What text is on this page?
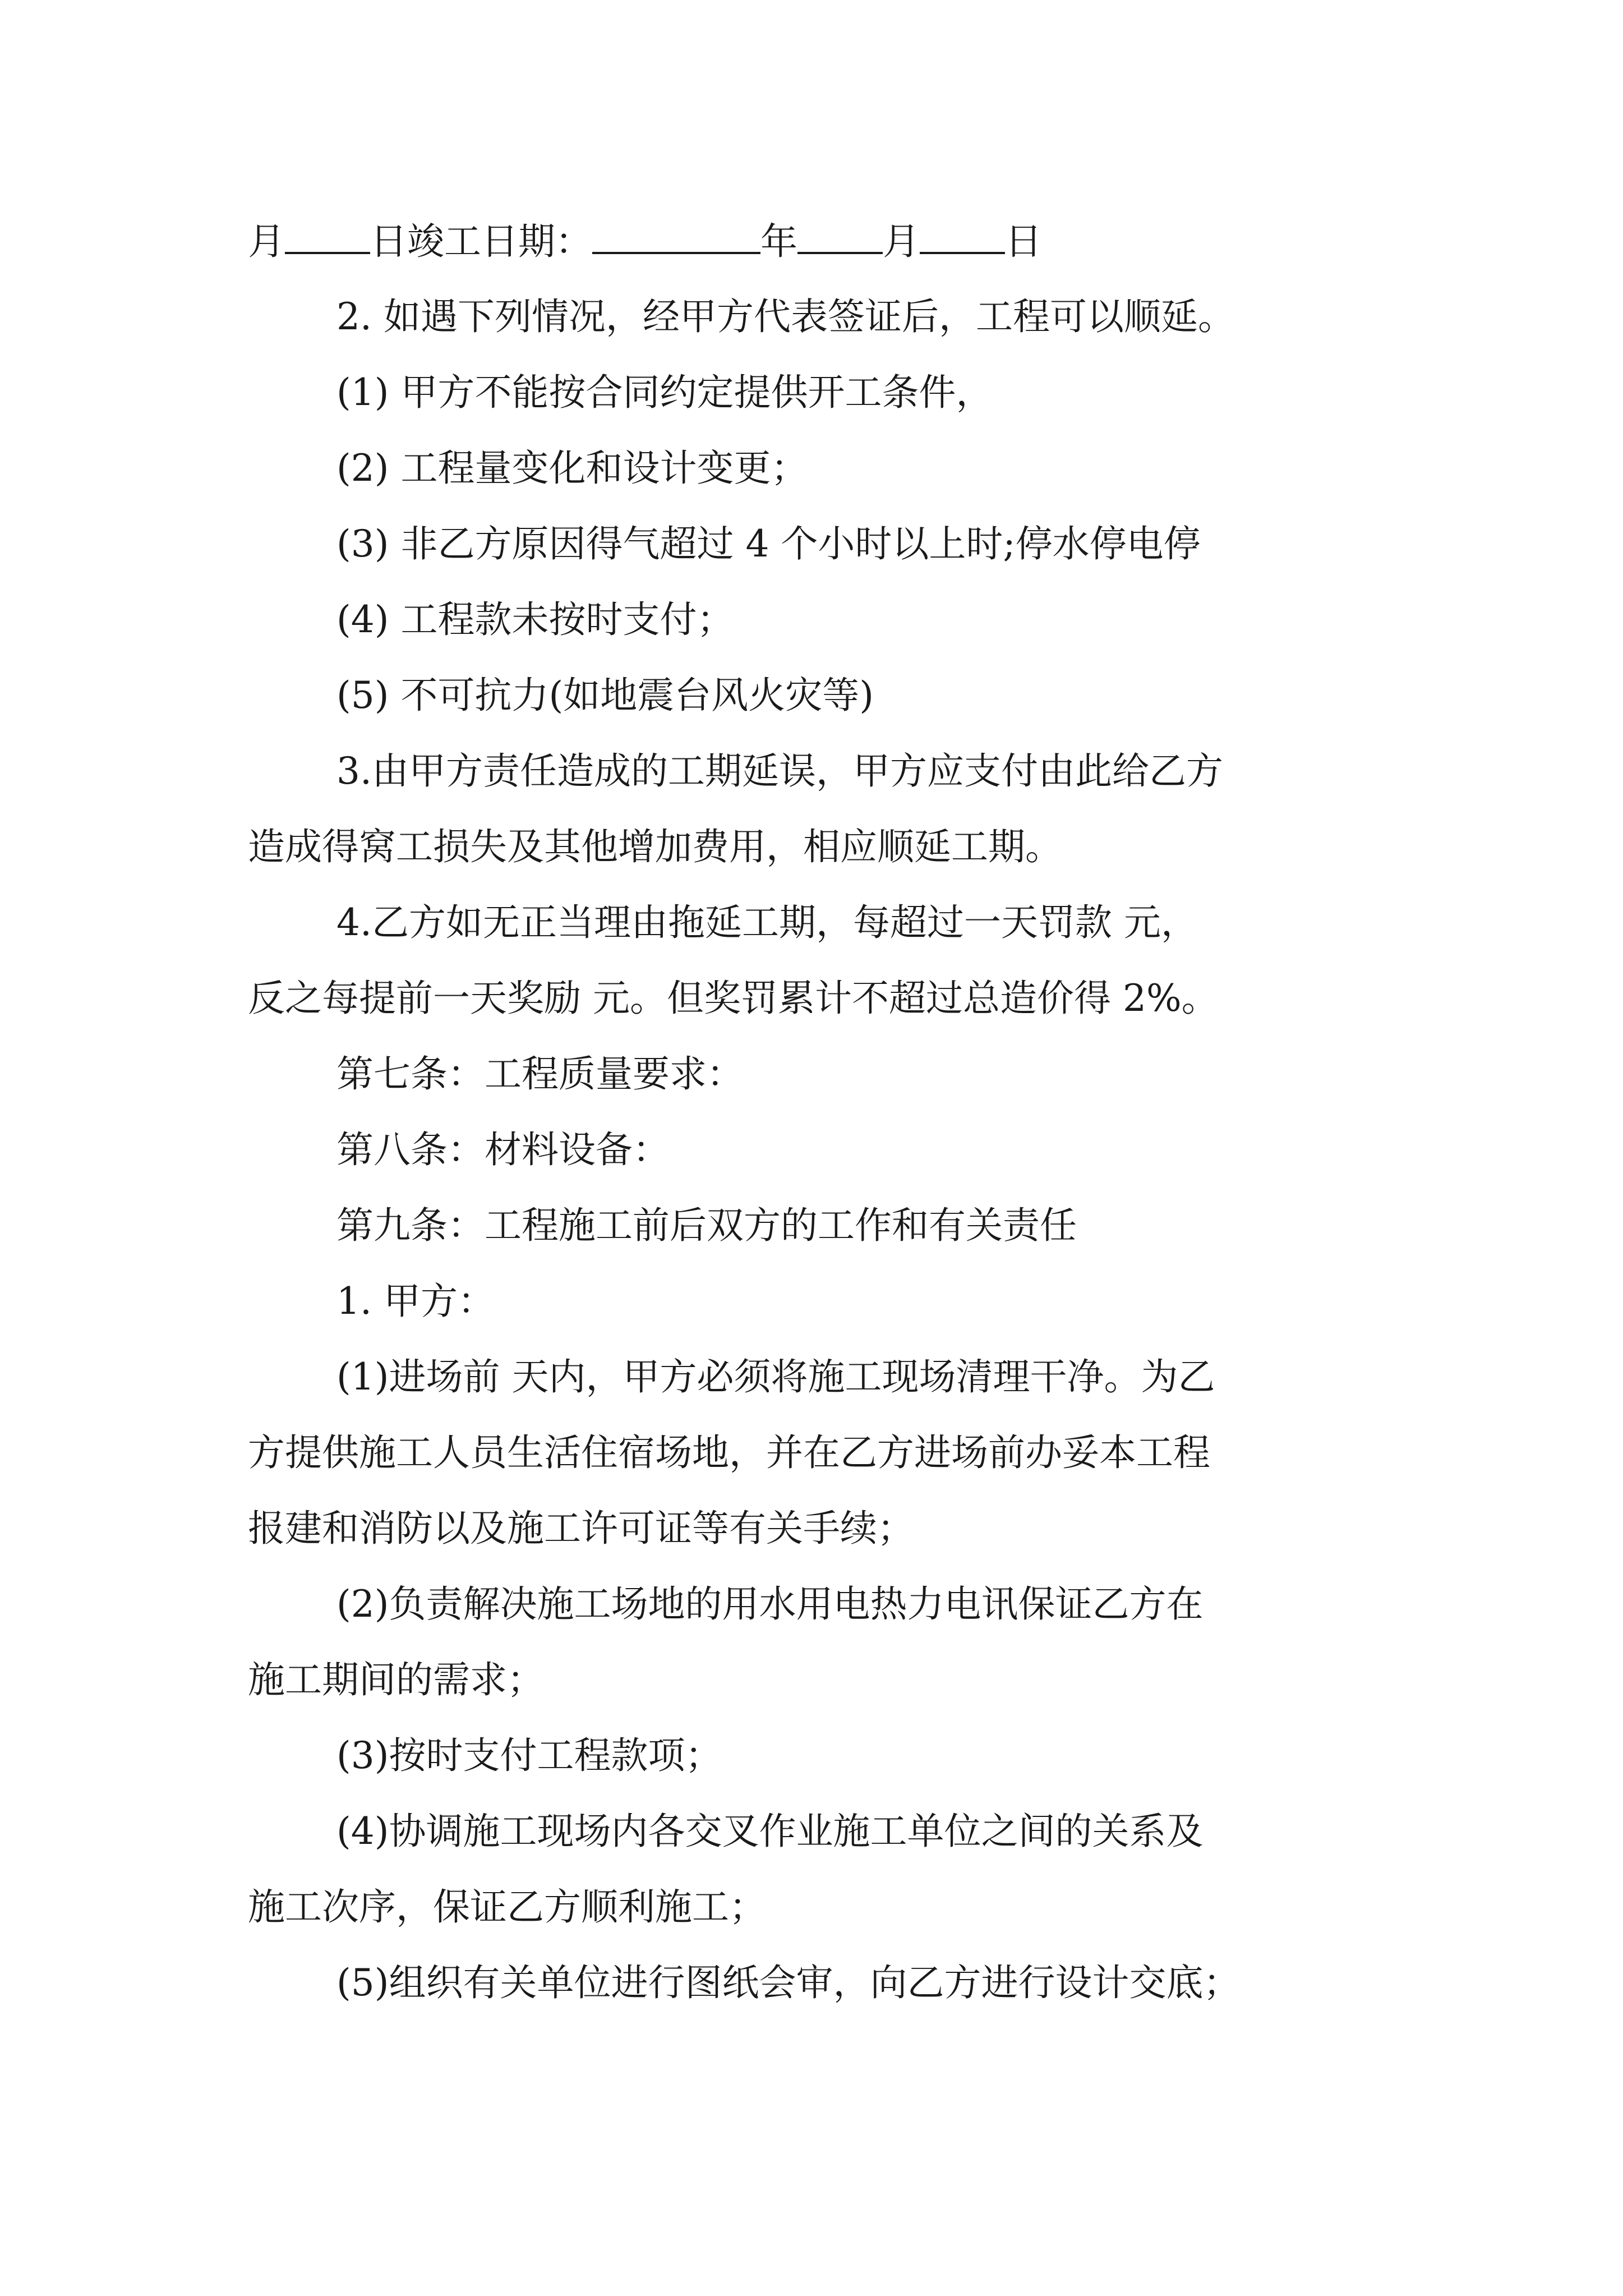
月 日竣工日期：	年 月 日
2. 如遇下列情况，经甲方代表签证后，工程可以顺延。
(1) 甲方不能按合同约定提供开工条件，
(2) 工程量变化和设计变更；
(3) 非乙方原因得气超过 4 个小时以上时;停水停电停
(4) 工程款未按时支付；
(5) 不可抗力(如地震台风火灾等)
3.由甲方责任造成的工期延误，甲方应支付由此给乙方
造成得窝工损失及其他增加费用，相应顺延工期。
4.乙方如无正当理由拖延工期，每超过一天罚款 元，
反之每提前一天奖励 元。但奖罚累计不超过总造价得 2%。
第七条：工程质量要求：
第八条：材料设备：
第九条：工程施工前后双方的工作和有关责任
1. 甲方：
(1)进场前 天内，甲方必须将施工现场清理干净。为乙
方提供施工人员生活住宿场地，并在乙方进场前办妥本工程
报建和消防以及施工许可证等有关手续；
(2)负责解决施工场地的用水用电热力电讯保证乙方在
施工期间的需求；
(3)按时支付工程款项；
(4)协调施工现场内各交叉作业施工单位之间的关系及
施工次序，保证乙方顺利施工；
(5)组织有关单位进行图纸会审，向乙方进行设计交底；
